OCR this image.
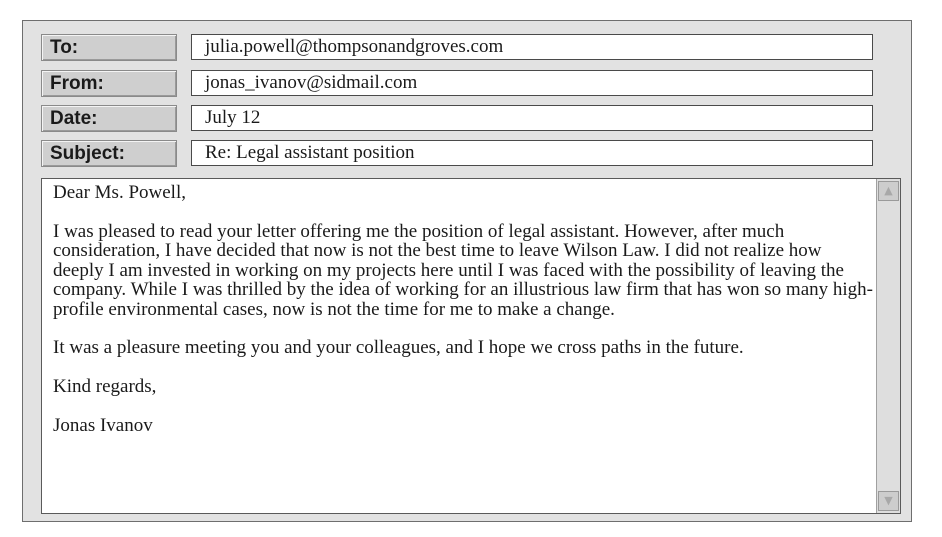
To:	julia.powell@thompsonandgroves.com
From:	jonas_ivanov@sidmail.com
Date:	July 12
Subject:	Re: Legal assistant position

Dear Ms. Powell,

I was pleased to read your letter offering me the position of legal assistant. However, after much consideration, I have decided that now is not the best time to leave Wilson Law. I did not realize how deeply I am invested in working on my projects here until I was faced with the possibility of leaving the company. While I was thrilled by the idea of working for an illustrious law firm that has won so many high-profile environmental cases, now is not the time for me to make a change.

It was a pleasure meeting you and your colleagues, and I hope we cross paths in the future.

Kind regards,

Jonas Ivanov

▲
▼
